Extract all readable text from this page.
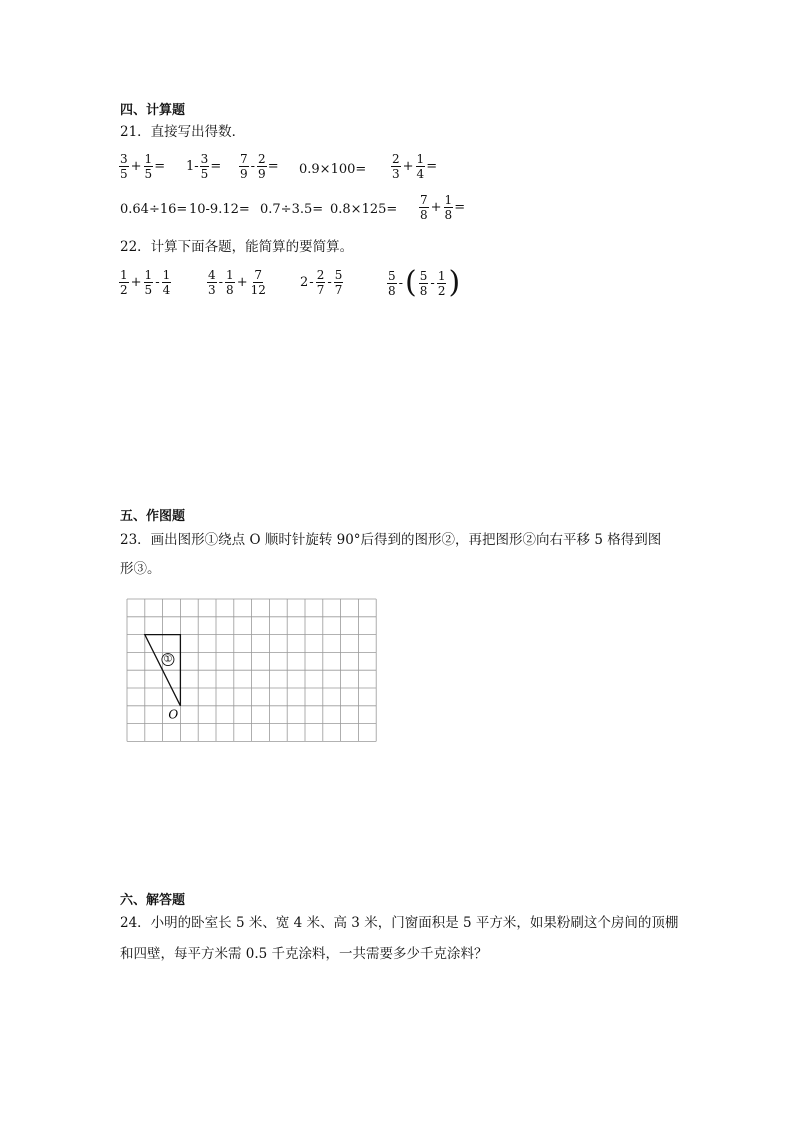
四、计算题
21．直接写出得数．
$\frac{3}{5} + \frac{1}{5} = 1- \frac{3}{5} = \frac{7}{9} - \frac{2}{9} = 0.9\times 100= \frac{2}{3} + \frac{1}{4}$ =
$0.64\div 16= 10-9.12= 0.7\div 3.5= 0.8\times 125= \frac{7}{8} + \frac{1}{8}$ =
22．计算下面各题，能简算的要简算。
$\frac{1}{2} + \frac{1}{5} - \frac{1}{4}$	$\frac{4}{3} - \frac{1}{8} + \frac{7}{12}$	$2 - \frac{2}{7} - \frac{5}{7}$	$\frac{5}{8}$ - ( $\frac{5}{8} - \frac{1}{2}$ )
五、作图题
23．画出图形①绕点 O 顺时针旋转 90°后得到的图形②，再把图形②向右平移 5 格得到图
形③。
①
O
六、解答题
24．小明的卧室长 5 米、宽 4 米、高 3 米，门窗面积是 5 平方米，如果粉刷这个房间的顶棚
和四壁，每平方米需 0.5 千克涂料，一共需要多少千克涂料？
